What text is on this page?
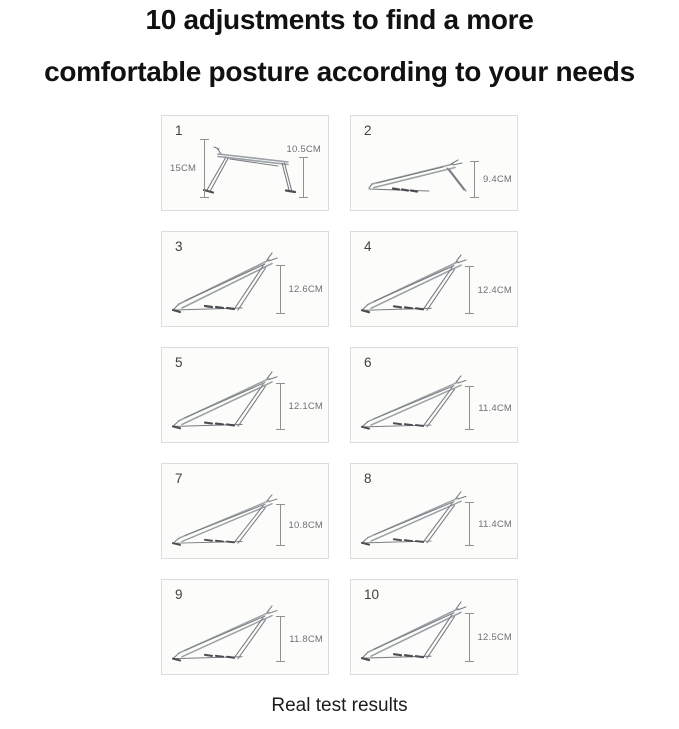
10 adjustments to find a more
comfortable posture according to your needs
1
15CM
10.5CM
2
9.4CM
3
12.6CM
4
12.4CM
5
12.1CM
6
11.4CM
7
10.8CM
8
11.4CM
9
11.8CM
10
12.5CM
Real test results
